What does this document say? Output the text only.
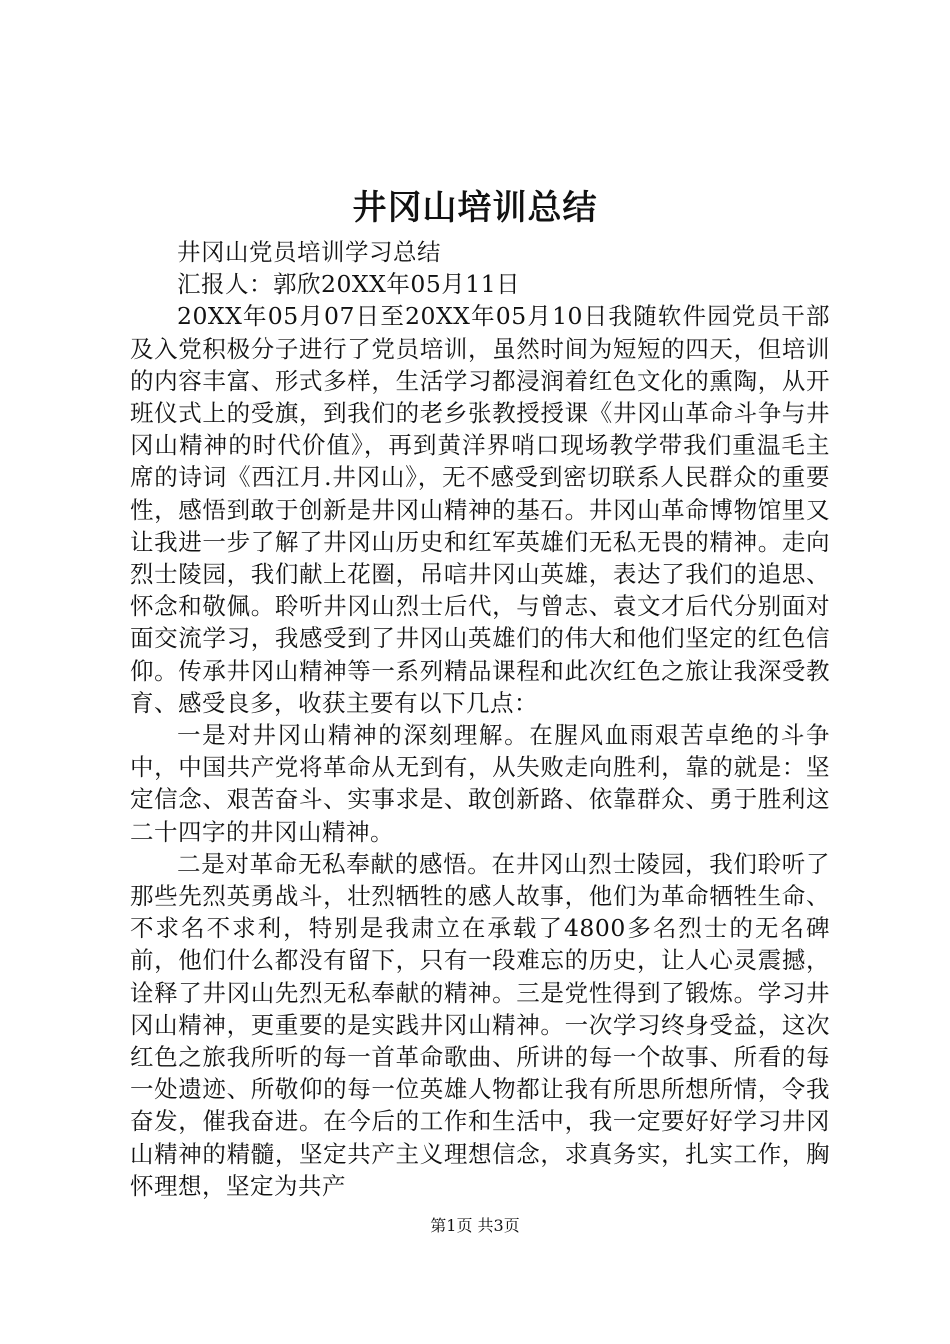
井冈山培训总结

井冈山党员培训学习总结

汇报人：郭欣20XX年05月11日

20XX年05月07日至20XX年05月10日我随软件园党员干部及入党积极分子进行了党员培训，虽然时间为短短的四天，但培训的内容丰富、形式多样，生活学习都浸润着红色文化的熏陶，从开班仪式上的受旗，到我们的老乡张教授授课《井冈山革命斗争与井冈山精神的时代价值》，再到黄洋界哨口现场教学带我们重温毛主席的诗词《西江月.井冈山》，无不感受到密切联系人民群众的重要性，感悟到敢于创新是井冈山精神的基石。井冈山革命博物馆里又让我进一步了解了井冈山历史和红军英雄们无私无畏的精神。走向烈士陵园，我们献上花圈，吊唁井冈山英雄，表达了我们的追思、怀念和敬佩。聆听井冈山烈士后代，与曾志、袁文才后代分别面对面交流学习，我感受到了井冈山英雄们的伟大和他们坚定的红色信仰。传承井冈山精神等一系列精品课程和此次红色之旅让我深受教育、感受良多，收获主要有以下几点：

一是对井冈山精神的深刻理解。在腥风血雨艰苦卓绝的斗争中，中国共产党将革命从无到有，从失败走向胜利，靠的就是：坚定信念、艰苦奋斗、实事求是、敢创新路、依靠群众、勇于胜利这二十四字的井冈山精神。

二是对革命无私奉献的感悟。在井冈山烈士陵园，我们聆听了那些先烈英勇战斗，壮烈牺牲的感人故事，他们为革命牺牲生命、不求名不求利，特别是我肃立在承载了4800多名烈士的无名碑前，他们什么都没有留下，只有一段难忘的历史，让人心灵震撼，诠释了井冈山先烈无私奉献的精神。三是党性得到了锻炼。学习井冈山精神，更重要的是实践井冈山精神。一次学习终身受益，这次红色之旅我所听的每一首革命歌曲、所讲的每一个故事、所看的每一处遗迹、所敬仰的每一位英雄人物都让我有所思所想所情，令我奋发，催我奋进。在今后的工作和生活中，我一定要好好学习井冈山精神的精髓，坚定共产主义理想信念，求真务实，扎实工作，胸怀理想，坚定为共产

第1页 共3页
